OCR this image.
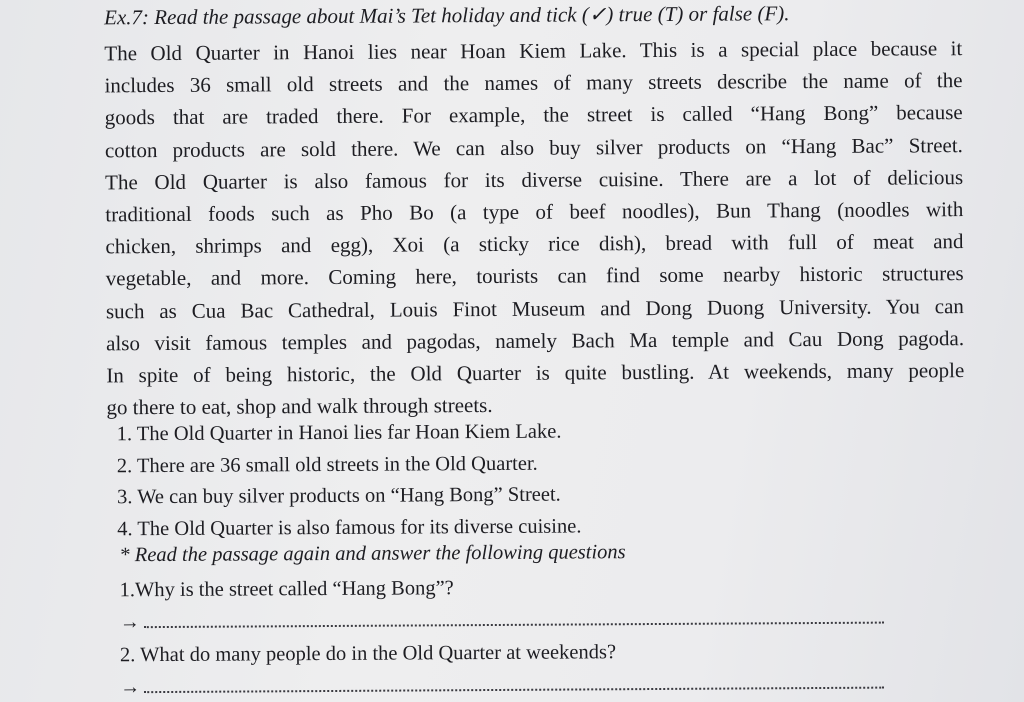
Ex.7: Read the passage about Mai’s Tet holiday and tick (✓) true (T) or false (F).
The Old Quarter in Hanoi lies near Hoan Kiem Lake. This is a special place because it
includes 36 small old streets and the names of many streets describe the name of the
goods that are traded there. For example, the street is called “Hang Bong” because
cotton products are sold there. We can also buy silver products on “Hang Bac” Street.
The Old Quarter is also famous for its diverse cuisine. There are a lot of delicious
traditional foods such as Pho Bo (a type of beef noodles), Bun Thang (noodles with
chicken, shrimps and egg), Xoi (a sticky rice dish), bread with full of meat and
vegetable, and more. Coming here, tourists can find some nearby historic structures
such as Cua Bac Cathedral, Louis Finot Museum and Dong Duong University. You can
also visit famous temples and pagodas, namely Bach Ma temple and Cau Dong pagoda.
In spite of being historic, the Old Quarter is quite bustling. At weekends, many people
go there to eat, shop and walk through streets.
1. The Old Quarter in Hanoi lies far Hoan Kiem Lake.
2. There are 36 small old streets in the Old Quarter.
3. We can buy silver products on “Hang Bong” Street.
4. The Old Quarter is also famous for its diverse cuisine.
* Read the passage again and answer the following questions
1.Why is the street called “Hang Bong”?
→
2. What do many people do in the Old Quarter at weekends?
→
